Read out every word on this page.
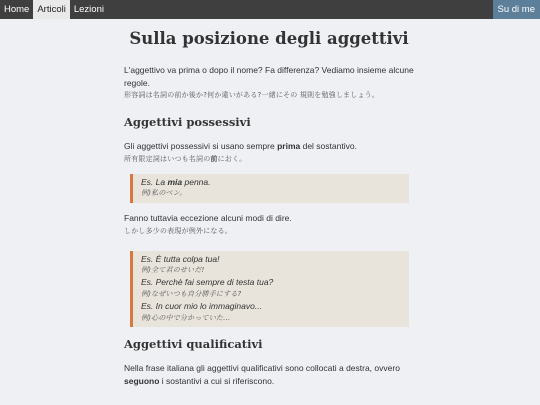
Home Articoli Lezioni	Su di me
Sulla posizione degli aggettivi

L'aggettivo va prima o dopo il nome? Fa differenza? Vediamo insieme alcune regole.

形容詞は名詞の前か後か?何か違いがある?一緒にその 規則を勉強しましょう。

Aggettivi possessivi

Gli aggettivi possessivi si usano sempre prima del sostantivo.

所有限定詞はいつも名詞の前におく。

Es. La mia penna.

例)私のペン。

Fanno tuttavia eccezione alcuni modi di dire.

しかし多少の表現が例外になる。

Es. È tutta colpa tua!

例)全て君のせいだ!

Es. Perchè fai sempre di testa tua?

例)なぜいつも自分勝手にする?

Es. In cuor mio lo immaginavo...

例)心の中で分かっていた...

Aggettivi qualificativi

Nella frase italiana gli aggettivi qualificativi sono collocati a destra, ovvero
seguono i sostantivi a cui si riferiscono.
